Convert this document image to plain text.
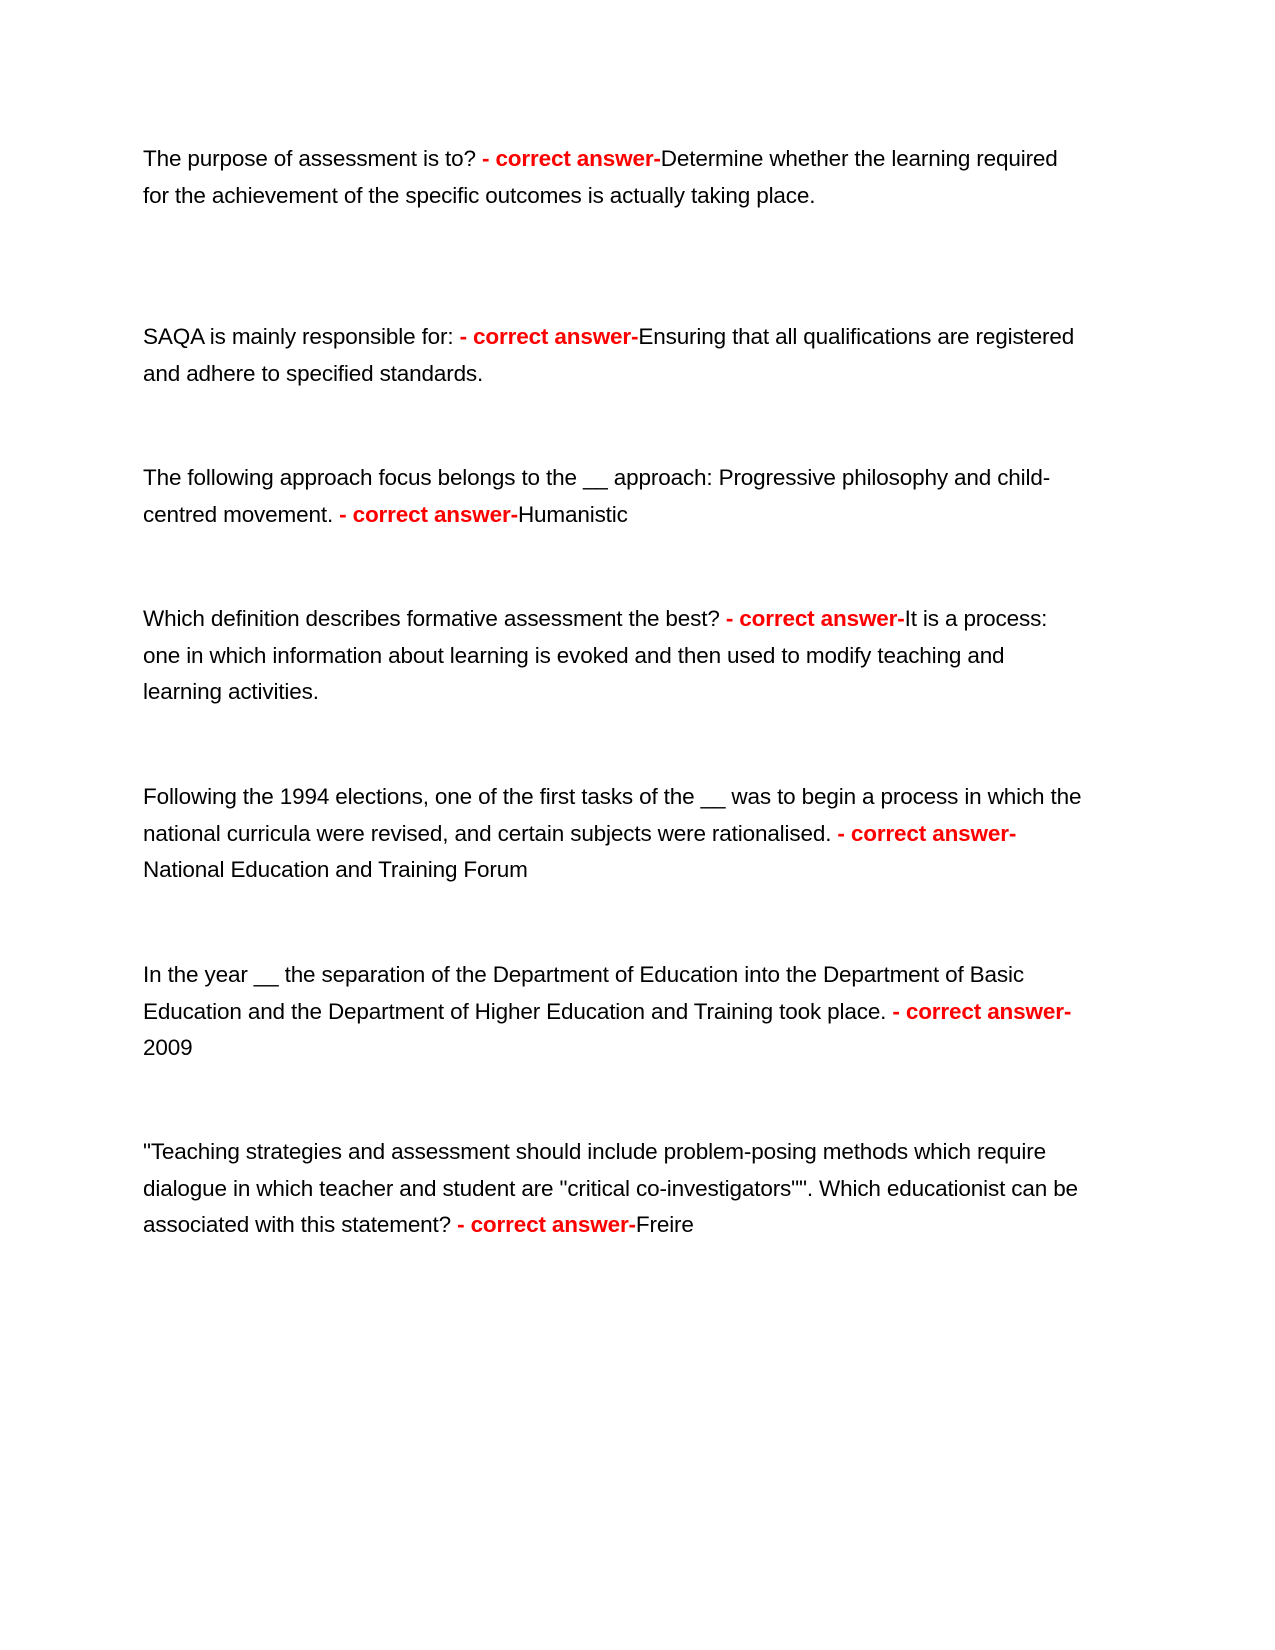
The purpose of assessment is to? - correct answer-Determine whether the learning required for the achievement of the specific outcomes is actually taking place.

SAQA is mainly responsible for: - correct answer-Ensuring that all qualifications are registered and adhere to specified standards.

The following approach focus belongs to the __ approach: Progressive philosophy and child-centred movement. - correct answer-Humanistic

Which definition describes formative assessment the best? - correct answer-It is a process: one in which information about learning is evoked and then used to modify teaching and learning activities.

Following the 1994 elections, one of the first tasks of the __ was to begin a process in which the national curricula were revised, and certain subjects were rationalised. - correct answer-National Education and Training Forum

In the year __ the separation of the Department of Education into the Department of Basic Education and the Department of Higher Education and Training took place. - correct answer-2009

"Teaching strategies and assessment should include problem-posing methods which require dialogue in which teacher and student are "critical co-investigators"". Which educationist can be associated with this statement? - correct answer-Freire
